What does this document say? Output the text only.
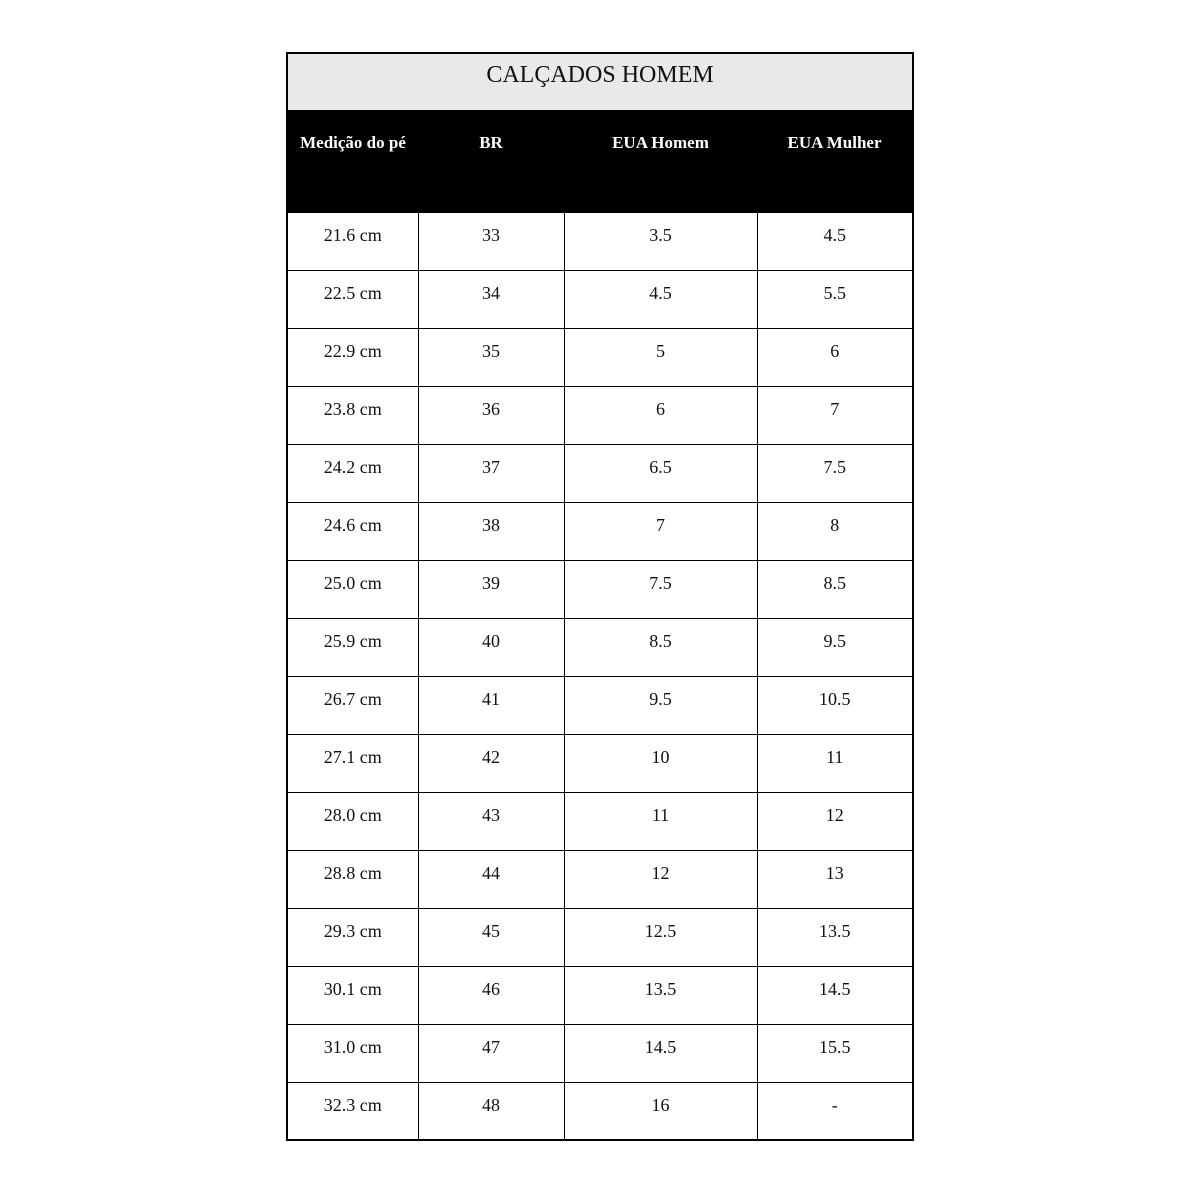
CALÇADOS HOMEM			
Medição do pé	BR	EUA Homem	EUA Mulher
21.6 cm	33	3.5	4.5
22.5 cm	34	4.5	5.5
22.9 cm	35	5	6
23.8 cm	36	6	7
24.2 cm	37	6.5	7.5
24.6 cm	38	7	8
25.0 cm	39	7.5	8.5
25.9 cm	40	8.5	9.5
26.7 cm	41	9.5	10.5
27.1 cm	42	10	11
28.0 cm	43	11	12
28.8 cm	44	12	13
29.3 cm	45	12.5	13.5
30.1 cm	46	13.5	14.5
31.0 cm	47	14.5	15.5
32.3 cm	48	16	-
